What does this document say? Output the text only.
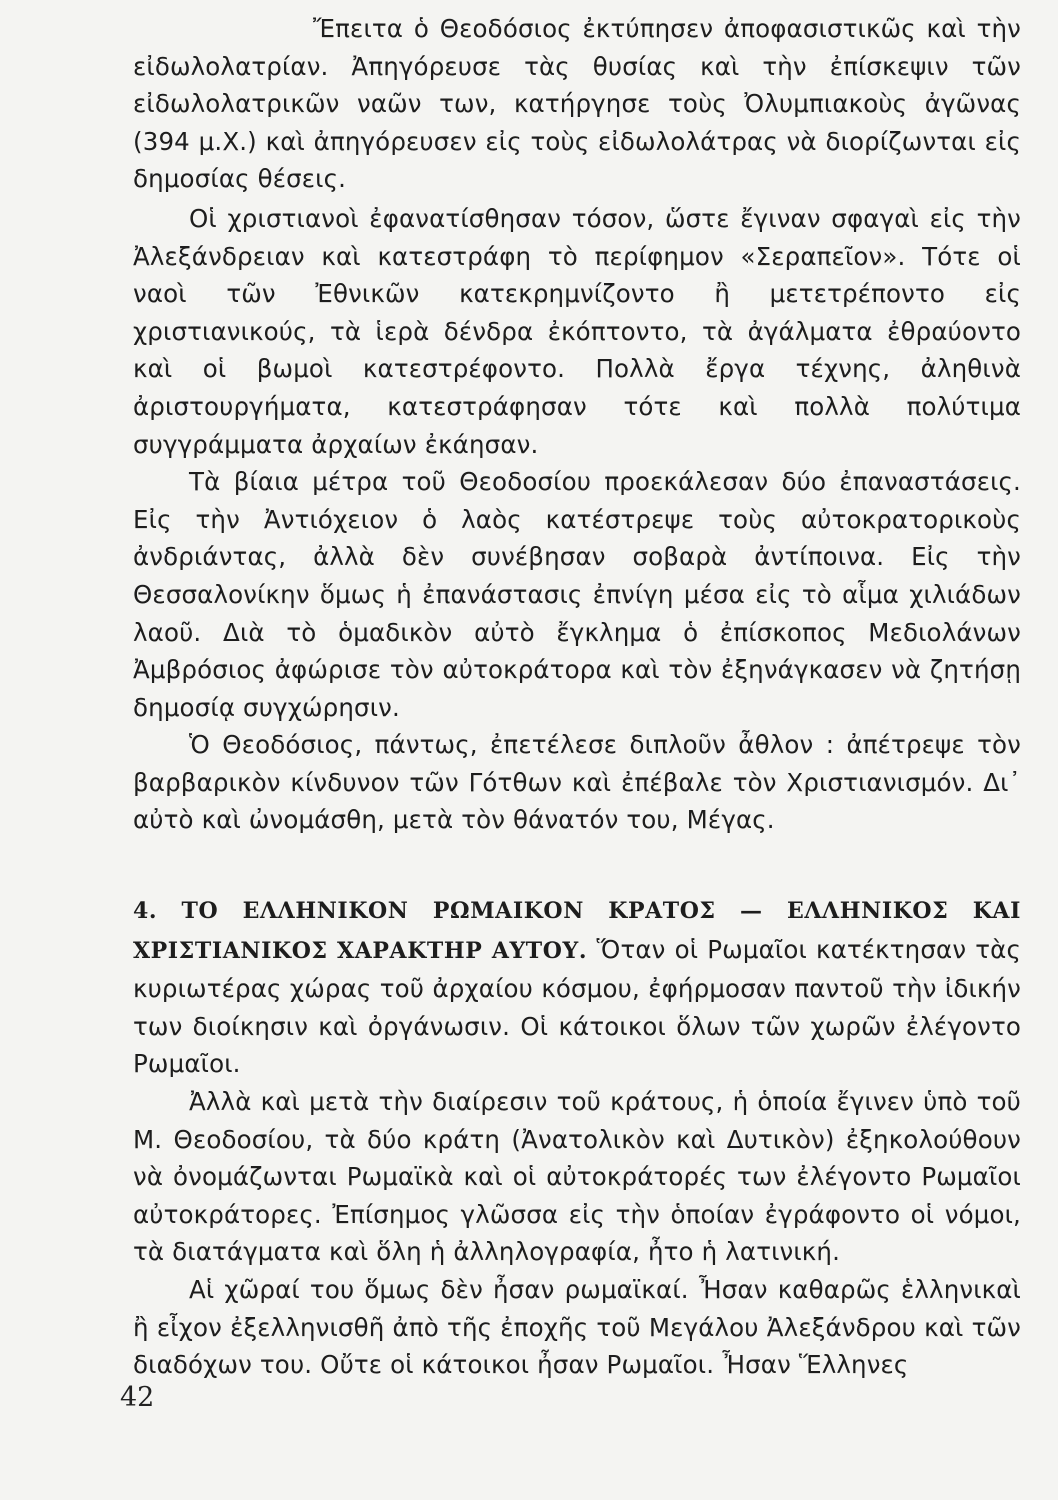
Ἔπειτα ὁ Θεοδόσιος ἐκτύπησεν ἀποφασιστικῶς καὶ τὴν εἰδωλολατρίαν. Ἀπηγόρευσε τὰς θυσίας καὶ τὴν ἐπίσκεψιν τῶν εἰδωλολατρικῶν ναῶν των, κατήργησε τοὺς Ὀλυμπιακοὺς ἀγῶνας (394 μ.Χ.) καὶ ἀπηγόρευσεν εἰς τοὺς εἰδωλολάτρας νὰ διορίζωνται εἰς δημοσίας θέσεις.

Οἱ χριστιανοὶ ἐφανατίσθησαν τόσον, ὥστε ἔγιναν σφαγαὶ εἰς τὴν Ἀλεξάνδρειαν καὶ κατεστράφη τὸ περίφημον «Σεραπεῖον». Τότε οἱ ναοὶ τῶν Ἐθνικῶν κατεκρημνίζοντο ἢ μετετρέποντο εἰς χριστιανικούς, τὰ ἱερὰ δένδρα ἐκόπτοντο, τὰ ἀγάλματα ἐθραύοντο καὶ οἱ βωμοὶ κατεστρέφοντο. Πολλὰ ἔργα τέχνης, ἀληθινὰ ἀριστουργήματα, κατεστράφησαν τότε καὶ πολλὰ πολύτιμα συγγράμματα ἀρχαίων ἐκάησαν.

Τὰ βίαια μέτρα τοῦ Θεοδοσίου προεκάλεσαν δύο ἐπαναστάσεις. Εἰς τὴν Ἀντιόχειον ὁ λαὸς κατέστρεψε τοὺς αὐτοκρατορικοὺς ἀνδριάντας, ἀλλὰ δὲν συνέβησαν σοβαρὰ ἀντίποινα. Εἰς τὴν Θεσσαλονίκην ὅμως ἡ ἐπανάστασις ἐπνίγη μέσα εἰς τὸ αἷμα χιλιάδων λαοῦ. Διὰ τὸ ὁμαδικὸν αὐτὸ ἔγκλημα ὁ ἐπίσκοπος Μεδιολάνων Ἀμβρόσιος ἀφώρισε τὸν αὐτοκράτορα καὶ τὸν ἐξηνάγκασεν νὰ ζητήσῃ δημοσίᾳ συγχώρησιν.

Ὁ Θεοδόσιος, πάντως, ἐπετέλεσε διπλοῦν ἆθλον : ἀπέτρεψε τὸν βαρβαρικὸν κίνδυνον τῶν Γότθων καὶ ἐπέβαλε τὸν Χριστιανισμόν. Δι᾿ αὐτὸ καὶ ὠνομάσθη, μετὰ τὸν θάνατόν του, Μέγας.

4. ΤΟ ΕΛΛΗΝΙΚΟΝ ΡΩΜΑΙΚΟΝ ΚΡΑΤΟΣ — ΕΛΛΗΝΙΚΟΣ ΚΑΙ ΧΡΙΣΤΙΑΝΙΚΟΣ ΧΑΡΑΚΤΗΡ ΑΥΤΟΥ. Ὅταν οἱ Ρωμαῖοι κατέκτησαν τὰς κυριωτέρας χώρας τοῦ ἀρχαίου κόσμου, ἐφήρμοσαν παντοῦ τὴν ἰδικήν των διοίκησιν καὶ ὀργάνωσιν. Οἱ κάτοικοι ὅλων τῶν χωρῶν ἐλέγοντο Ρωμαῖοι.

Ἀλλὰ καὶ μετὰ τὴν διαίρεσιν τοῦ κράτους, ἡ ὁποία ἔγινεν ὑπὸ τοῦ Μ. Θεοδοσίου, τὰ δύο κράτη (Ἀνατολικὸν καὶ Δυτικὸν) ἐξηκολούθουν νὰ ὀνομάζωνται Ρωμαϊκὰ καὶ οἱ αὐτοκράτορές των ἐλέγοντο Ρωμαῖοι αὐτοκράτορες. Ἐπίσημος γλῶσσα εἰς τὴν ὁποίαν ἐγράφοντο οἱ νόμοι, τὰ διατάγματα καὶ ὅλη ἡ ἀλληλογραφία, ἦτο ἡ λατινική.

Αἱ χῶραί του ὅμως δὲν ἦσαν ρωμαϊκαί. Ἦσαν καθαρῶς ἑλληνικαὶ ἢ εἶχον ἐξελληνισθῆ ἀπὸ τῆς ἐποχῆς τοῦ Μεγάλου Ἀλεξάνδρου καὶ τῶν διαδόχων του. Οὔτε οἱ κάτοικοι ἦσαν Ρωμαῖοι. Ἦσαν Ἕλληνες

42
